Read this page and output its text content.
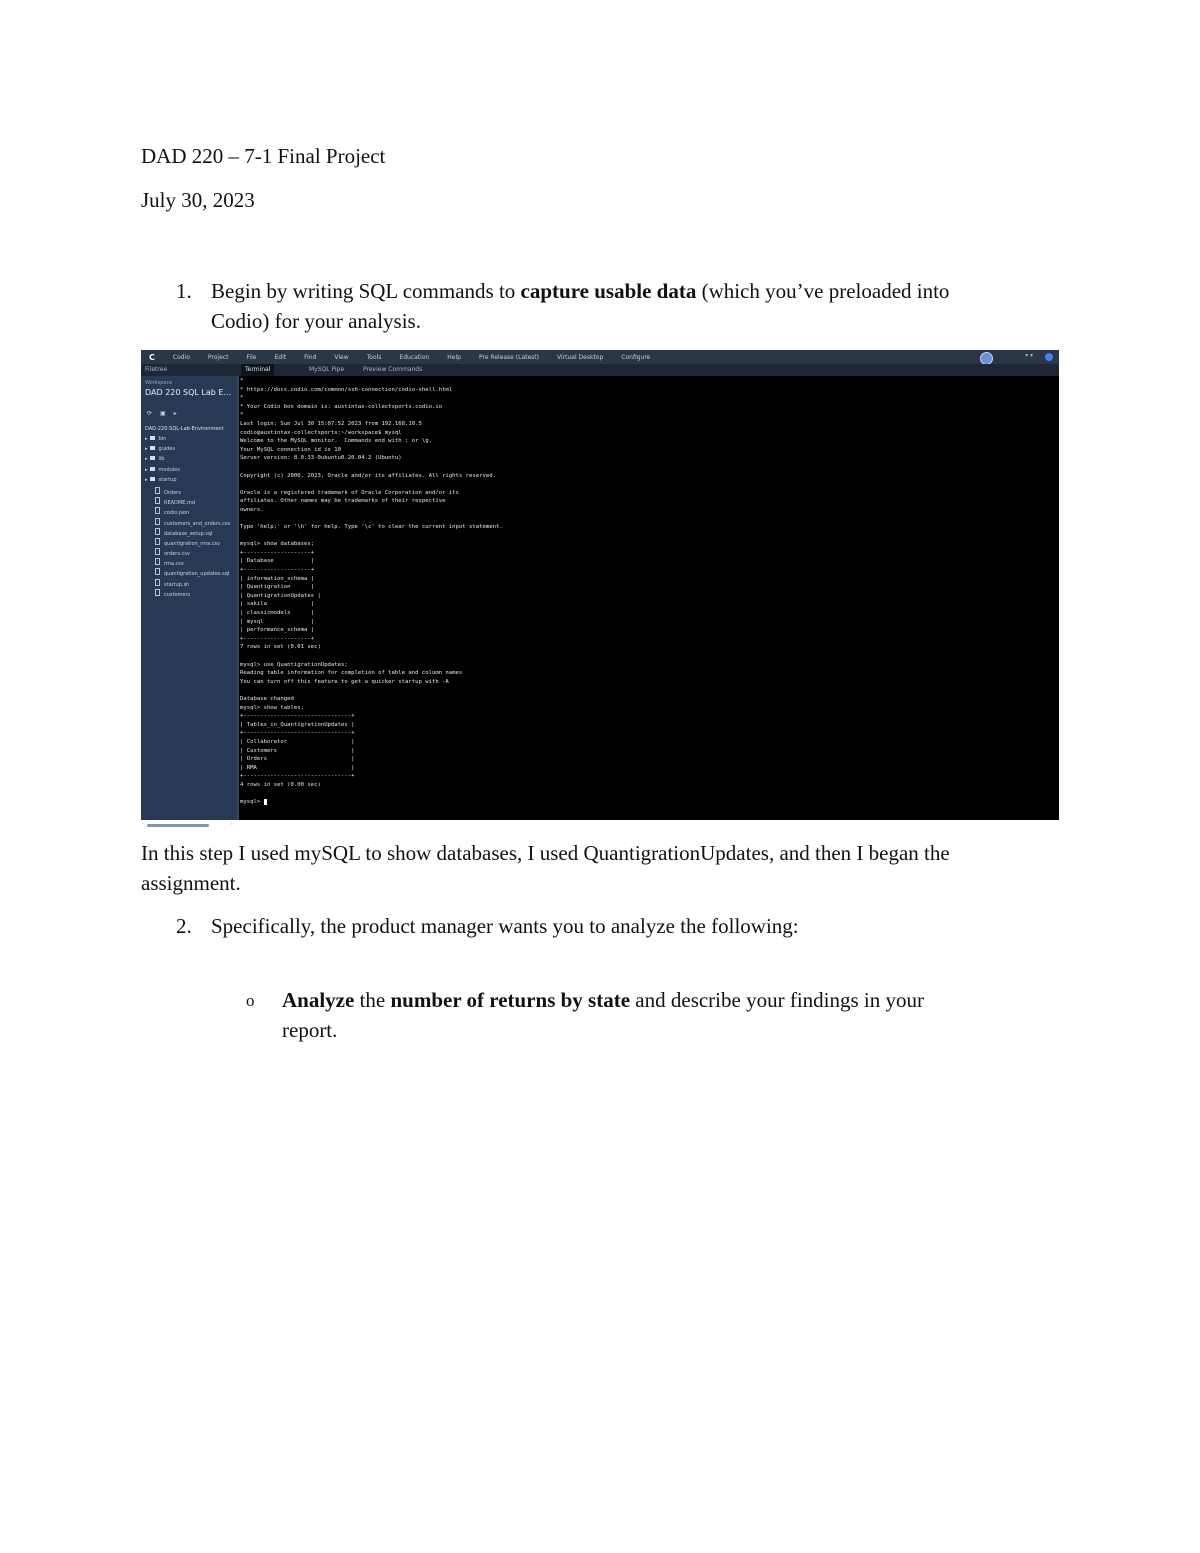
DAD 220 – 7-1 Final Project
July 30, 2023
1. Begin by writing SQL commands to capture usable data (which you’ve preloaded into
Codio) for your analysis.
C	Codio	Project	File	Edit	Find	View	Tools	Education	Help	Pre Release (Latest)	Virtual Desktop	Configure	▾ ▾
Filetree	Terminal	MySQL Pipe	Preview Commands
Workspace
DAD 220 SQL Lab E...
⟳▣▸
DAD-220-SQL-Lab-Environment
▸ bin
▸ guides
▸ lib
▸ modules
▸ startup
Orders
README.md
codio.json
customers_and_orders.csv
database_setup.sql
quantigration_rma.csv
orders.csv
rma.csv
quantigration_updates.sql
startup.sh
customers
◂	▸
*
* https://docs.codio.com/common/ssh-connection/codio-shell.html
*
* Your Codio box domain is: austintax-collectsports.codio.io
*
Last login: Sun Jul 30 15:07:52 2023 from 192.168.10.5
codio@austintax-collectsports:~/workspace$ mysql
Welcome to the MySQL monitor.  Commands end with ; or \g.
Your MySQL connection id is 10
Server version: 8.0.33-0ubuntu0.20.04.2 (Ubuntu)
Copyright (c) 2000, 2023, Oracle and/or its affiliates. All rights reserved.
Oracle is a registered trademark of Oracle Corporation and/or its
affiliates. Other names may be trademarks of their respective
owners.
Type 'help;' or '\h' for help. Type '\c' to clear the current input statement.
mysql> show databases;
+--------------------+
| Database           |
+--------------------+
| information_schema |
| Quantigration      |
| QuantigrationUpdates |
| sakila             |
| classicmodels      |
| mysql              |
| performance_schema |
+--------------------+
7 rows in set (0.01 sec)
mysql> use QuantigrationUpdates;
Reading table information for completion of table and column names
You can turn off this feature to get a quicker startup with -A
Database changed
mysql> show tables;
+--------------------------------+
| Tables_in_QuantigrationUpdates |
+--------------------------------+
| Collaborator                   |
| Customers                      |
| Orders                         |
| RMA                            |
+--------------------------------+
4 rows in set (0.00 sec)
mysql>
In this step I used mySQL to show databases, I used QuantigrationUpdates, and then I began the
assignment.
2. Specifically, the product manager wants you to analyze the following:
o Analyze the number of returns by state and describe your findings in your
report.
